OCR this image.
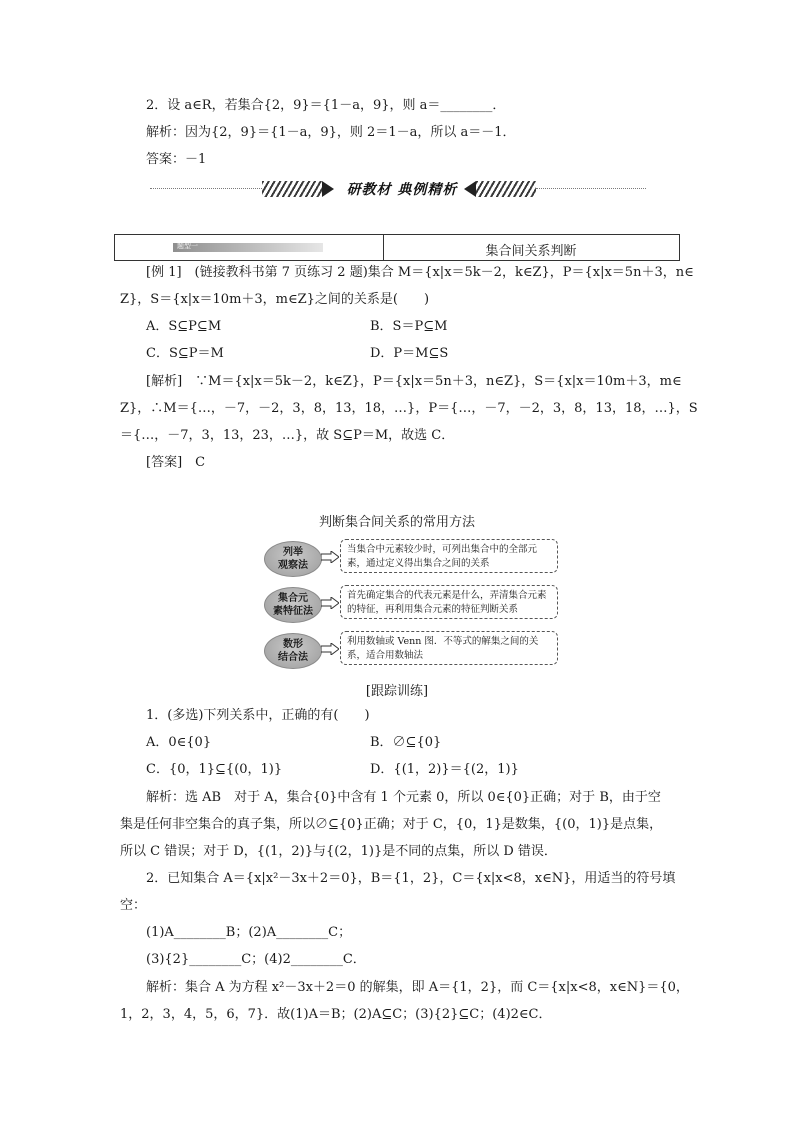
2．设 a∈R，若集合{2，9}＝{1－a，9}，则 a＝________．
解析：因为{2，9}＝{1－a，9}，则 2＝1－a，所以 a＝－1．
答案：－1
研教材 典例精析
题型一	集合间关系判断
[例 1]　(链接教科书第 7 页练习 2 题)集合 M＝{x|x＝5k－2，k∈Z}，P＝{x|x＝5n＋3，n∈
Z}，S＝{x|x＝10m＋3，m∈Z}之间的关系是(　　)
A．S⊆P⊆M	B．S＝P⊆M
C．S⊆P＝M	D．P＝M⊆S
[解析]　∵M＝{x|x＝5k－2，k∈Z}，P＝{x|x＝5n＋3，n∈Z}，S＝{x|x＝10m＋3，m∈
Z}，∴M＝{…，－7，－2，3，8，13，18，…}，P＝{…，－7，－2，3，8，13，18，…}，S
＝{…，－7，3，13，23，…}，故 S⊆P＝M，故选 C．
[答案]　C
判断集合间关系的常用方法
列举
观察法
当集合中元素较少时，可列出集合中的全部元素，通过定义得出集合之间的关系
集合元
素特征法
首先确定集合的代表元素是什么，弄清集合元素的特征，再利用集合元素的特征判断关系
数形
结合法
利用数轴或 Venn 图．不等式的解集之间的关系，适合用数轴法
[跟踪训练]
1．(多选)下列关系中，正确的有(　　)
A．0∈{0}	B．∅⊆{0}
C．{0，1}⊆{(0，1)}	D．{(1，2)}＝{(2，1)}
解析：选 AB　对于 A，集合{0}中含有 1 个元素 0，所以 0∈{0}正确；对于 B，由于空
集是任何非空集合的真子集，所以∅⊆{0}正确；对于 C，{0，1}是数集，{(0，1)}是点集，
所以 C 错误；对于 D，{(1，2)}与{(2，1)}是不同的点集，所以 D 错误．
2．已知集合 A＝{x|x²－3x＋2＝0}，B＝{1，2}，C＝{x|x<8，x∈N}，用适当的符号填
空：
(1)A________B；(2)A________C；
(3){2}________C；(4)2________C．
解析：集合 A 为方程 x²－3x＋2＝0 的解集，即 A＝{1，2}，而 C＝{x|x<8，x∈N}＝{0，
1，2，3，4，5，6，7}．故(1)A＝B；(2)A⊆C；(3){2}⊆C；(4)2∈C．
